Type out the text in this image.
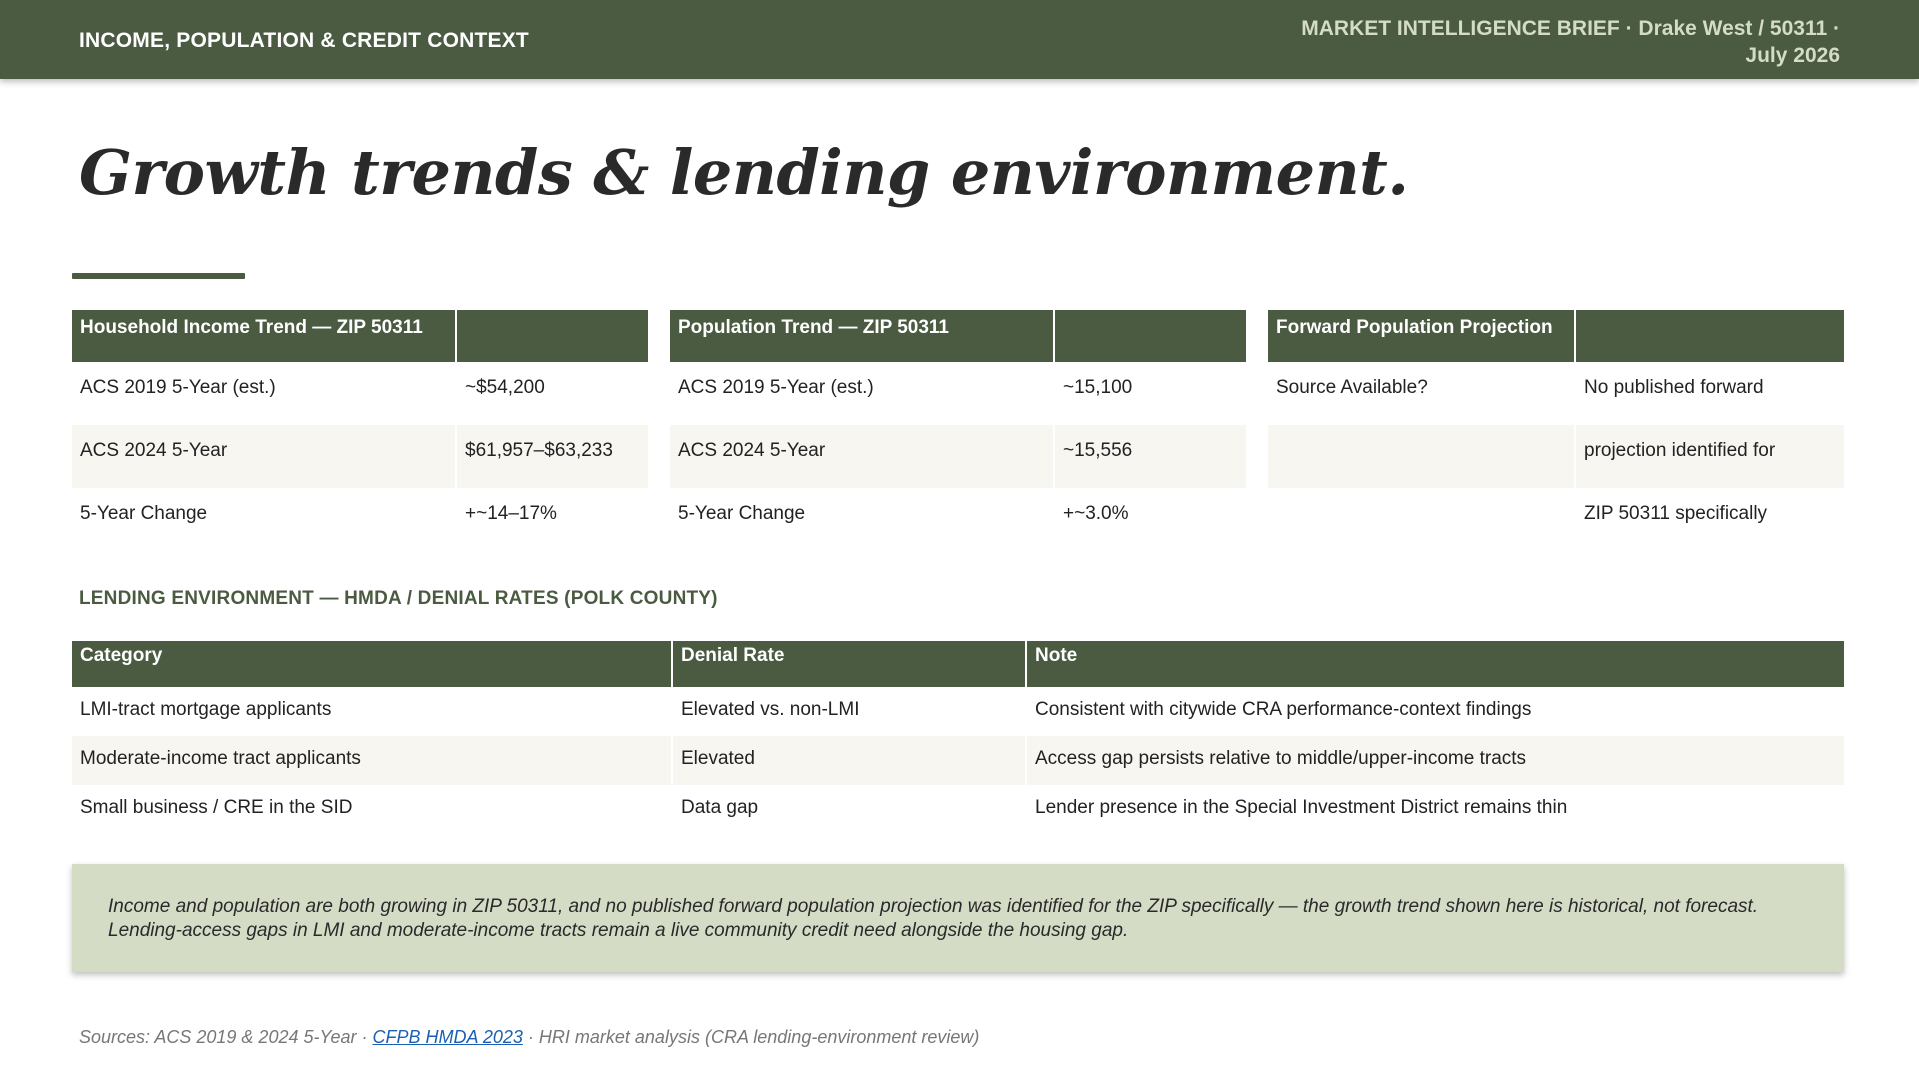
INCOME, POPULATION & CREDIT CONTEXT
MARKET INTELLIGENCE BRIEF · Drake West / 50311 ·
July 2026
Growth trends & lending environment.
Household Income Trend — ZIP 50311	
ACS 2019 5-Year (est.)	~$54,200
ACS 2024 5-Year	$61,957–$63,233
5-Year Change	+~14–17%
Population Trend — ZIP 50311	
ACS 2019 5-Year (est.)	~15,100
ACS 2024 5-Year	~15,556
5-Year Change	+~3.0%
Forward Population Projection	
Source Available?	No published forward
	projection identified for
	ZIP 50311 specifically
LENDING ENVIRONMENT — HMDA / DENIAL RATES (POLK COUNTY)
Category	Denial Rate	Note
LMI-tract mortgage applicants	Elevated vs. non-LMI	Consistent with citywide CRA performance-context findings
Moderate-income tract applicants	Elevated	Access gap persists relative to middle/upper-income tracts
Small business / CRE in the SID	Data gap	Lender presence in the Special Investment District remains thin
Income and population are both growing in ZIP 50311, and no published forward population projection was identified for the ZIP specifically — the growth trend shown here is historical, not forecast. Lending-access gaps in LMI and moderate-income tracts remain a live community credit need alongside the housing gap.
Sources: ACS 2019 & 2024 5-Year · CFPB HMDA 2023 · HRI market analysis (CRA lending-environment review)
